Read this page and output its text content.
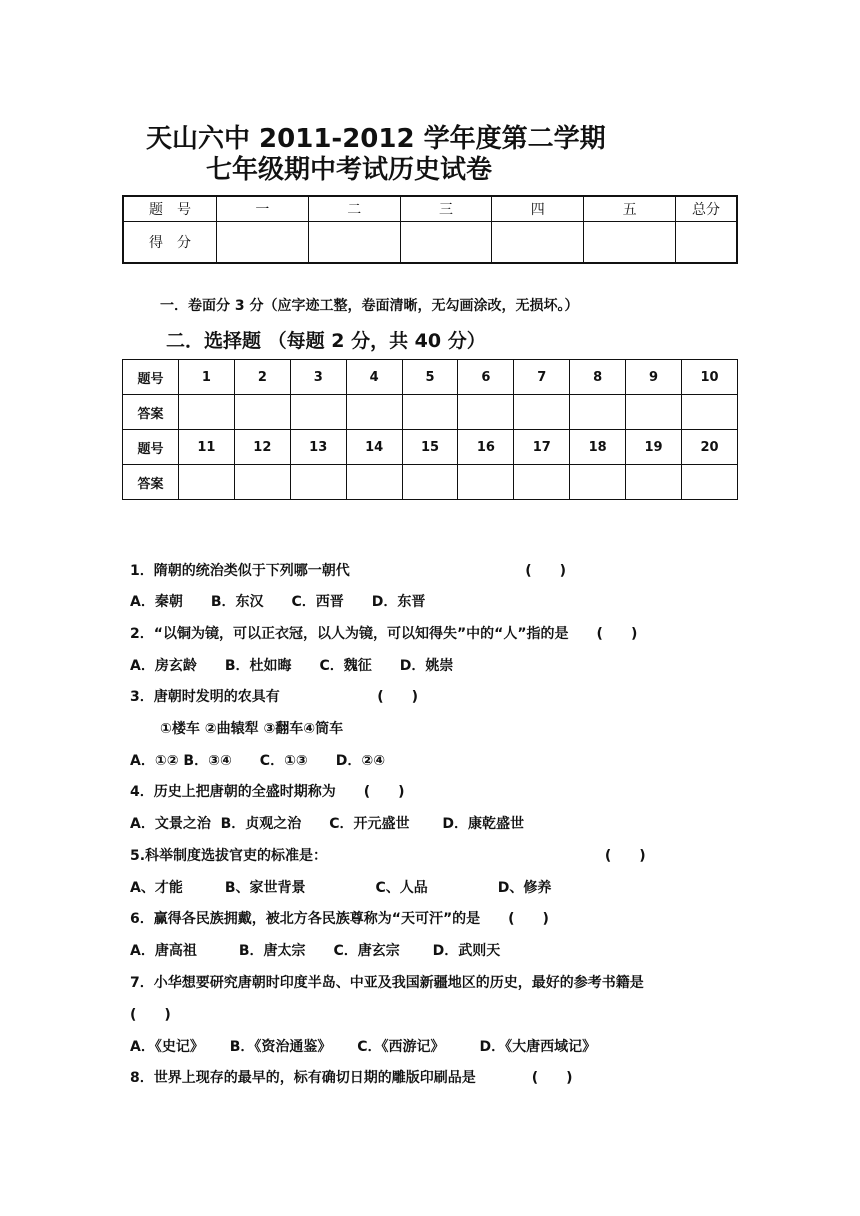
天山六中 2011-2012 学年度第二学期
七年级期中考试历史试卷
题　号	一	二	三	四	五	总分
得　分						
一．卷面分 3 分（应字迹工整，卷面清晰，无勾画涂改，无损坏。）
二．选择题 （每题 2 分，共 40 分）
题号	1	2	3	4	5	6	7	8	9	10
答案										
题号	11	12	13	14	15	16	17	18	19	20
答案										
1．隋朝的统治类似于下列哪一朝代                                    (　　)
A．秦朝　　B．东汉　　C．西晋　　D．东晋
2．“以铜为镜，可以正衣冠，以人为镜，可以知得失”中的“人”指的是　　(　　)
A．房玄龄　　B．杜如晦　　C．魏征　　D．姚崇
3．唐朝时发明的农具有                    (　　)
①楼车 ②曲辕犁 ③翻车④筒车
A．①② B．③④　　C．①③　　D．②④
4．历史上把唐朝的全盛时期称为　　(　　)
A．文景之治  B．贞观之治　　C．开元盛世　　 D．康乾盛世
5.科举制度选拔官吏的标准是：                                                         (　　)
A、才能　　　B、家世背景　　　　　C、人品　　　　　D、修养
6．赢得各民族拥戴，被北方各民族尊称为“天可汗”的是　　(　　)
A．唐高祖　　　B．唐太宗　　C．唐玄宗　　 D．武则天
7．小华想要研究唐朝时印度半岛、中亚及我国新疆地区的历史，最好的参考书籍是
(　　)
A．《史记》　　 B．《资治通鉴》　　 C．《西游记》　　　D．《大唐西域记》
8．世界上现存的最早的，标有确切日期的雕版印刷品是　　　　(　　)
